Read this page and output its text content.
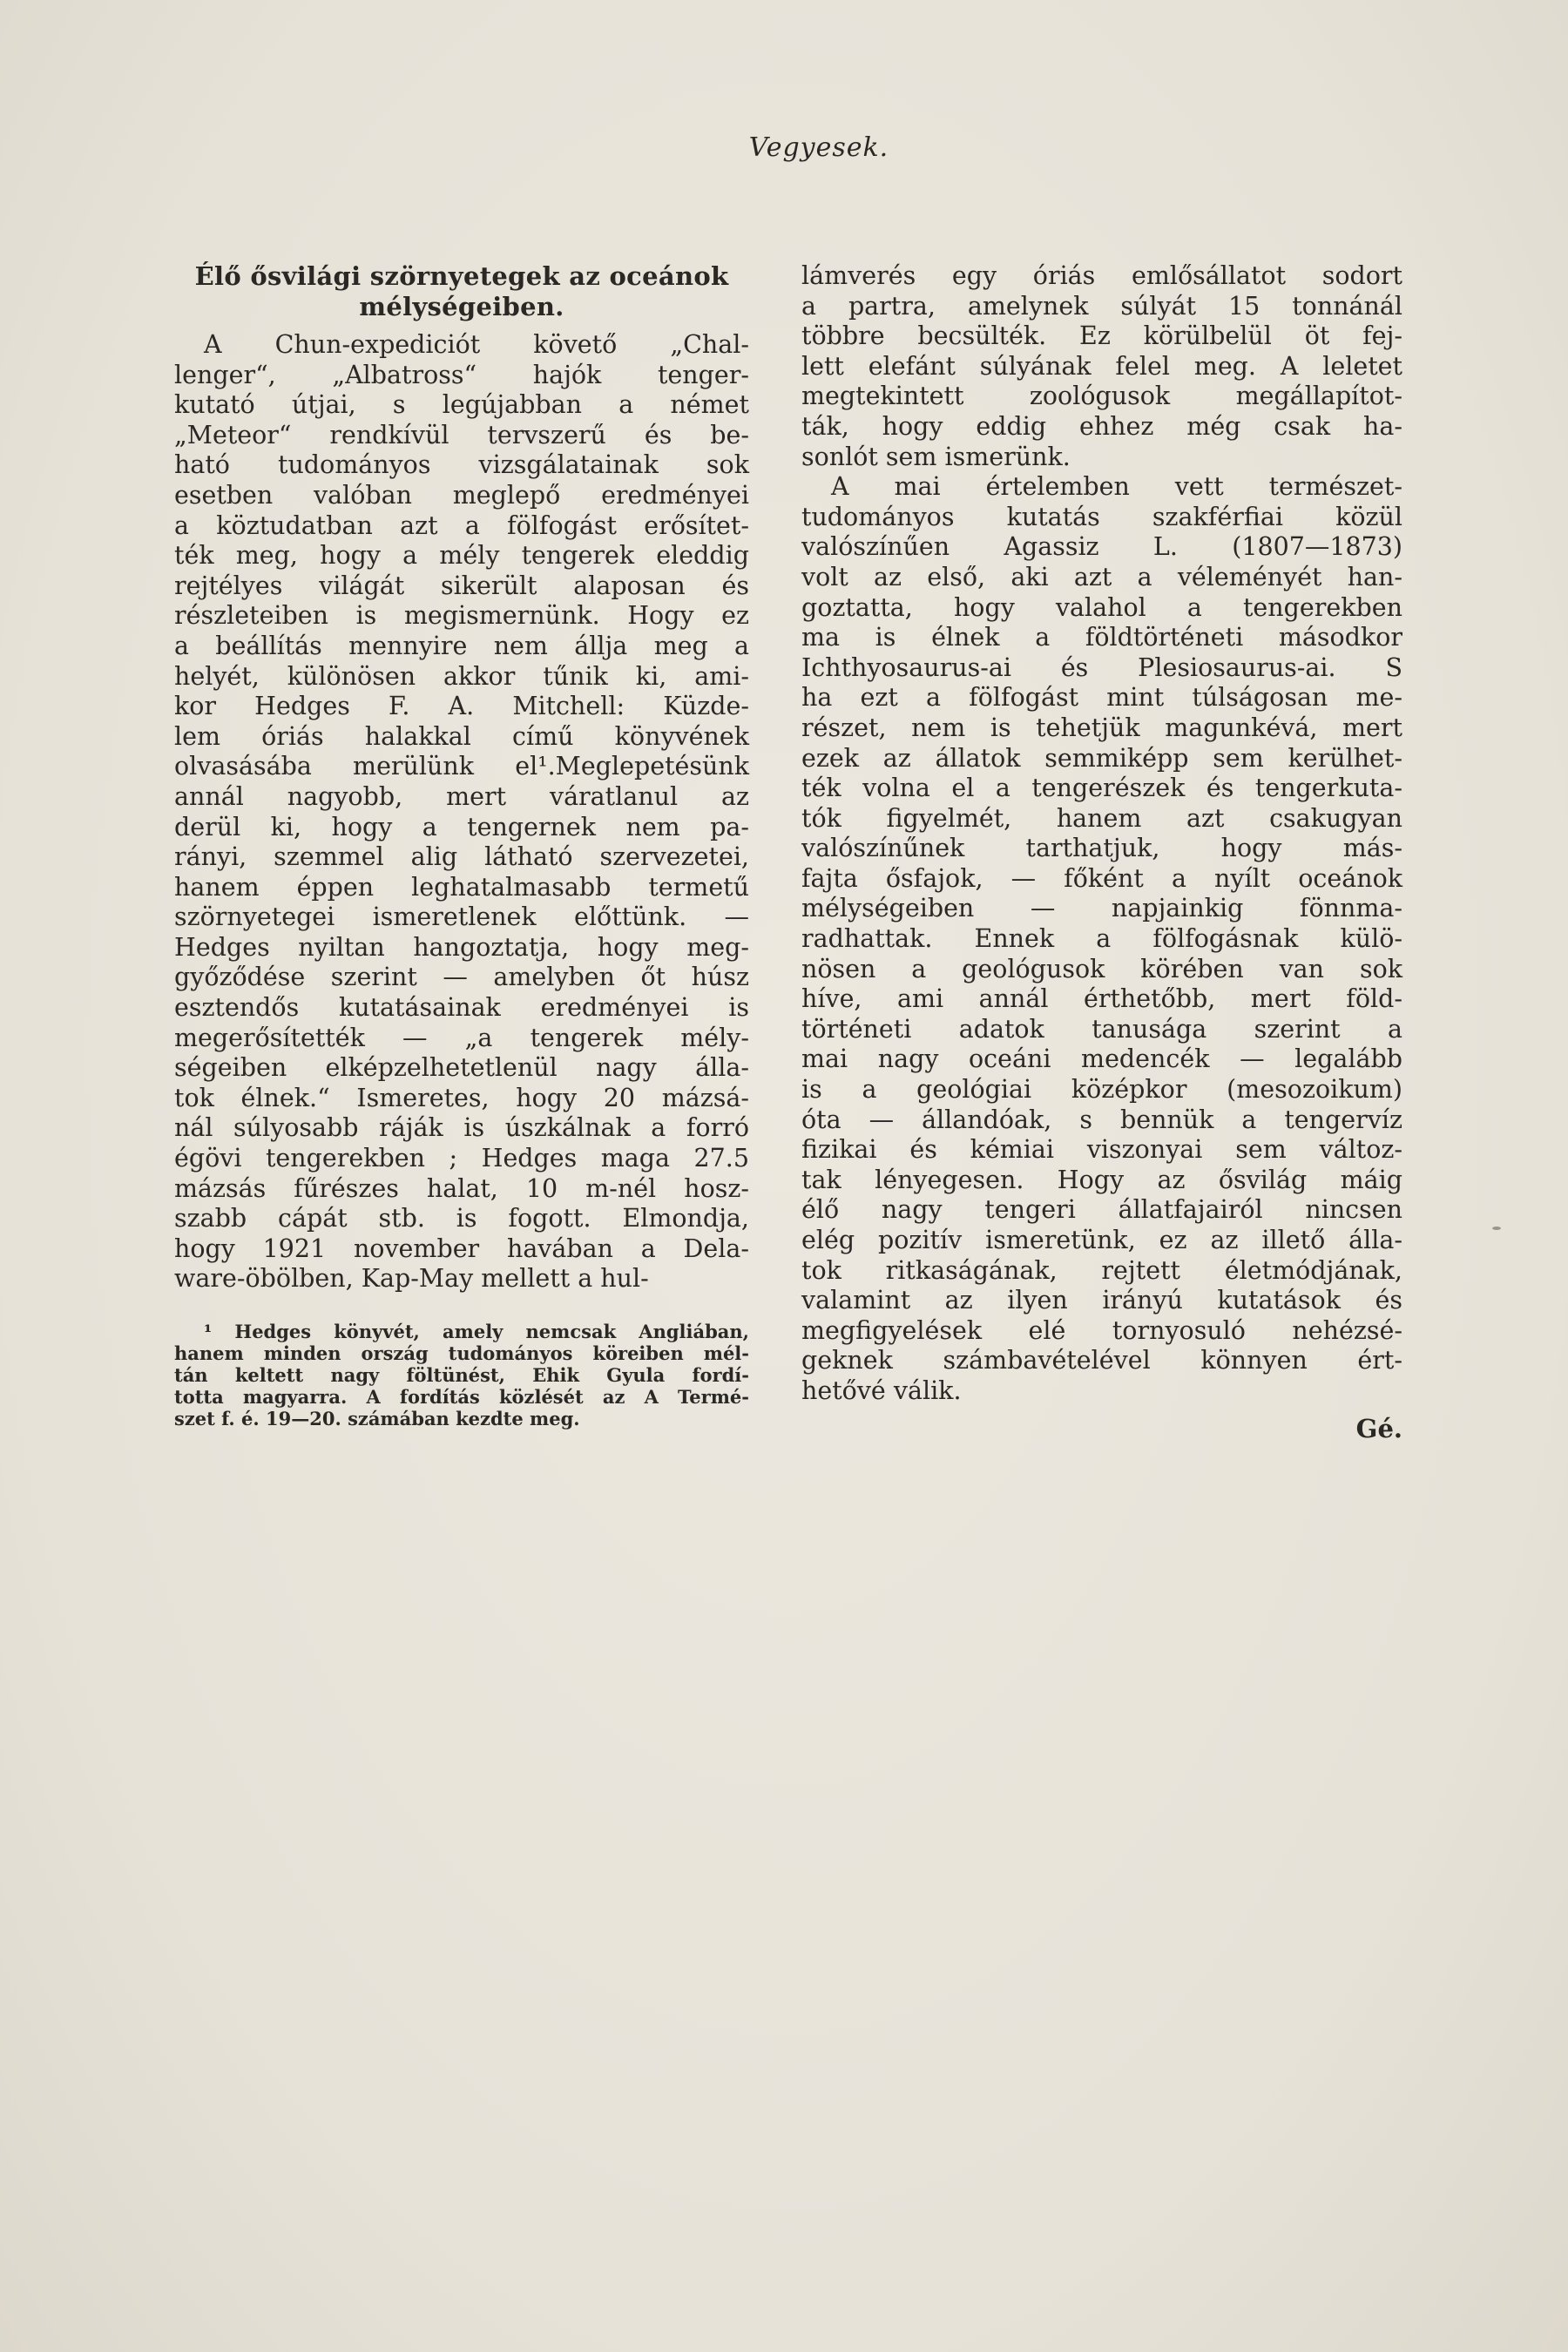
Vegyesek.
Élő ősvilági szörnyetegek az oceánok
mélységeiben.
A Chun-expediciót követő „Chal-
lenger“, „Albatross“ hajók tenger-
kutató útjai, s legújabban a német
„Meteor“ rendkívül tervszerű és be-
ható tudományos vizsgálatainak sok
esetben valóban meglepő eredményei
a köztudatban azt a fölfogást erősítet-
ték meg, hogy a mély tengerek eleddig
rejtélyes világát sikerült alaposan és
részleteiben is megismernünk. Hogy ez
a beállítás mennyire nem állja meg a
helyét, különösen akkor tűnik ki, ami-
kor Hedges F. A. Mitchell: Küzde-
lem óriás halakkal című könyvének
olvasásába merülünk el¹.Meglepetésünk
annál nagyobb, mert váratlanul az
derül ki, hogy a tengernek nem pa-
rányi, szemmel alig látható szervezetei,
hanem éppen leghatalmasabb termetű
szörnyetegei ismeretlenek előttünk. —
Hedges nyiltan hangoztatja, hogy meg-
győződése szerint — amelyben őt húsz
esztendős kutatásainak eredményei is
megerősítették — „a tengerek mély-
ségeiben elképzelhetetlenül nagy álla-
tok élnek.“ Ismeretes, hogy 20 mázsá-
nál súlyosabb ráják is úszkálnak a forró
égövi tengerekben ; Hedges maga 27.5
mázsás fűrészes halat, 10 m-nél hosz-
szabb cápát stb. is fogott. Elmondja,
hogy 1921 november havában a Dela-
ware-öbölben, Kap-May mellett a hul-
¹ Hedges könyvét, amely nemcsak Angliában,
hanem minden ország tudományos köreiben mél-
tán keltett nagy föltünést, Ehik Gyula fordí-
totta magyarra. A fordítás közlését az A Termé-
szet f. é. 19—20. számában kezdte meg.
lámverés egy óriás emlősállatot sodort
a partra, amelynek súlyát 15 tonnánál
többre becsülték. Ez körülbelül öt fej-
lett elefánt súlyának felel meg. A leletet
megtekintett zoológusok megállapítot-
ták, hogy eddig ehhez még csak ha-
sonlót sem ismerünk.
A mai értelemben vett természet-
tudományos kutatás szakférfiai közül
valószínűen Agassiz L. (1807—1873)
volt az első, aki azt a véleményét han-
goztatta, hogy valahol a tengerekben
ma is élnek a földtörténeti másodkor
Ichthyosaurus-ai és Plesiosaurus-ai. S
ha ezt a fölfogást mint túlságosan me-
részet, nem is tehetjük magunkévá, mert
ezek az állatok semmiképp sem kerülhet-
ték volna el a tengerészek és tengerkuta-
tók figyelmét, hanem azt csakugyan
valószínűnek tarthatjuk, hogy más-
fajta ősfajok, — főként a nyílt oceánok
mélységeiben — napjainkig fönnma-
radhattak. Ennek a fölfogásnak külö-
nösen a geológusok körében van sok
híve, ami annál érthetőbb, mert föld-
történeti adatok tanusága szerint a
mai nagy oceáni medencék — legalább
is a geológiai középkor (mesozoikum)
óta — állandóak, s bennük a tengervíz
fizikai és kémiai viszonyai sem változ-
tak lényegesen. Hogy az ősvilág máig
élő nagy tengeri állatfajairól nincsen
elég pozitív ismeretünk, ez az illető álla-
tok ritkaságának, rejtett életmódjának,
valamint az ilyen irányú kutatások és
megfigyelések elé tornyosuló nehézsé-
geknek számbavételével könnyen ért-
hetővé válik.
Gé.
